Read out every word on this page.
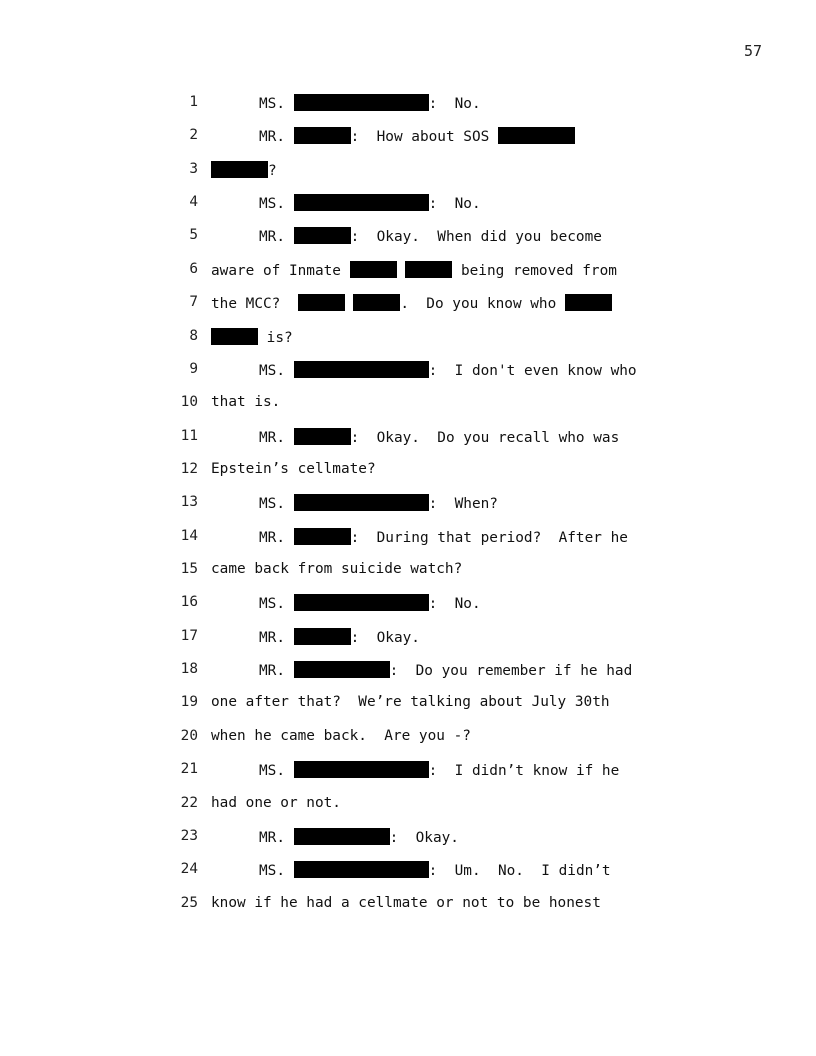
57
1	MS.	:  No.
2	MR.	:  How about SOS
3	?
4	MS.	:  No.
5	MR.	:  Okay.  When did you become
6 aware of Inmate	being removed from
7 the MCC?	.  Do you know who
8	is?
9	MS.	:  I don't even know who
10 that is.
11	MR.	:  Okay.  Do you recall who was
12 Epstein’s cellmate?
13	MS.	:  When?
14	MR.	:  During that period?  After he
15 came back from suicide watch?
16	MS.	:  No.
17	MR.	:  Okay.
18	MR.	:  Do you remember if he had
19 one after that?  We’re talking about July 30th
20 when he came back.  Are you -?
21	MS.	:  I didn’t know if he
22 had one or not.
23	MR.	:  Okay.
24	MS.	:  Um.  No.  I didn’t
25 know if he had a cellmate or not to be honest
